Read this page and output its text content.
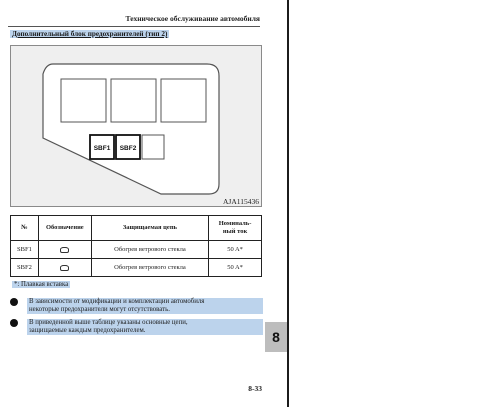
Техническое обслуживание автомобиля
Дополнительный блок предохранителей (тип 2)
SBF1 SBF2
AJA115436
№	Обозначение	Защищаемая цепь	Номиналь-
ный ток
SBF1		Обогрев ветрового стекла	50 A*
SBF2		Обогрев ветрового стекла	50 A*
*: Плавкая вставка
В зависимости от модификации и комплектации автомобиля
некоторые предохранители могут отсутствовать.
В приведенной выше таблице указаны основные цепи,
защищаемые каждым предохранителем.	8
8-33
